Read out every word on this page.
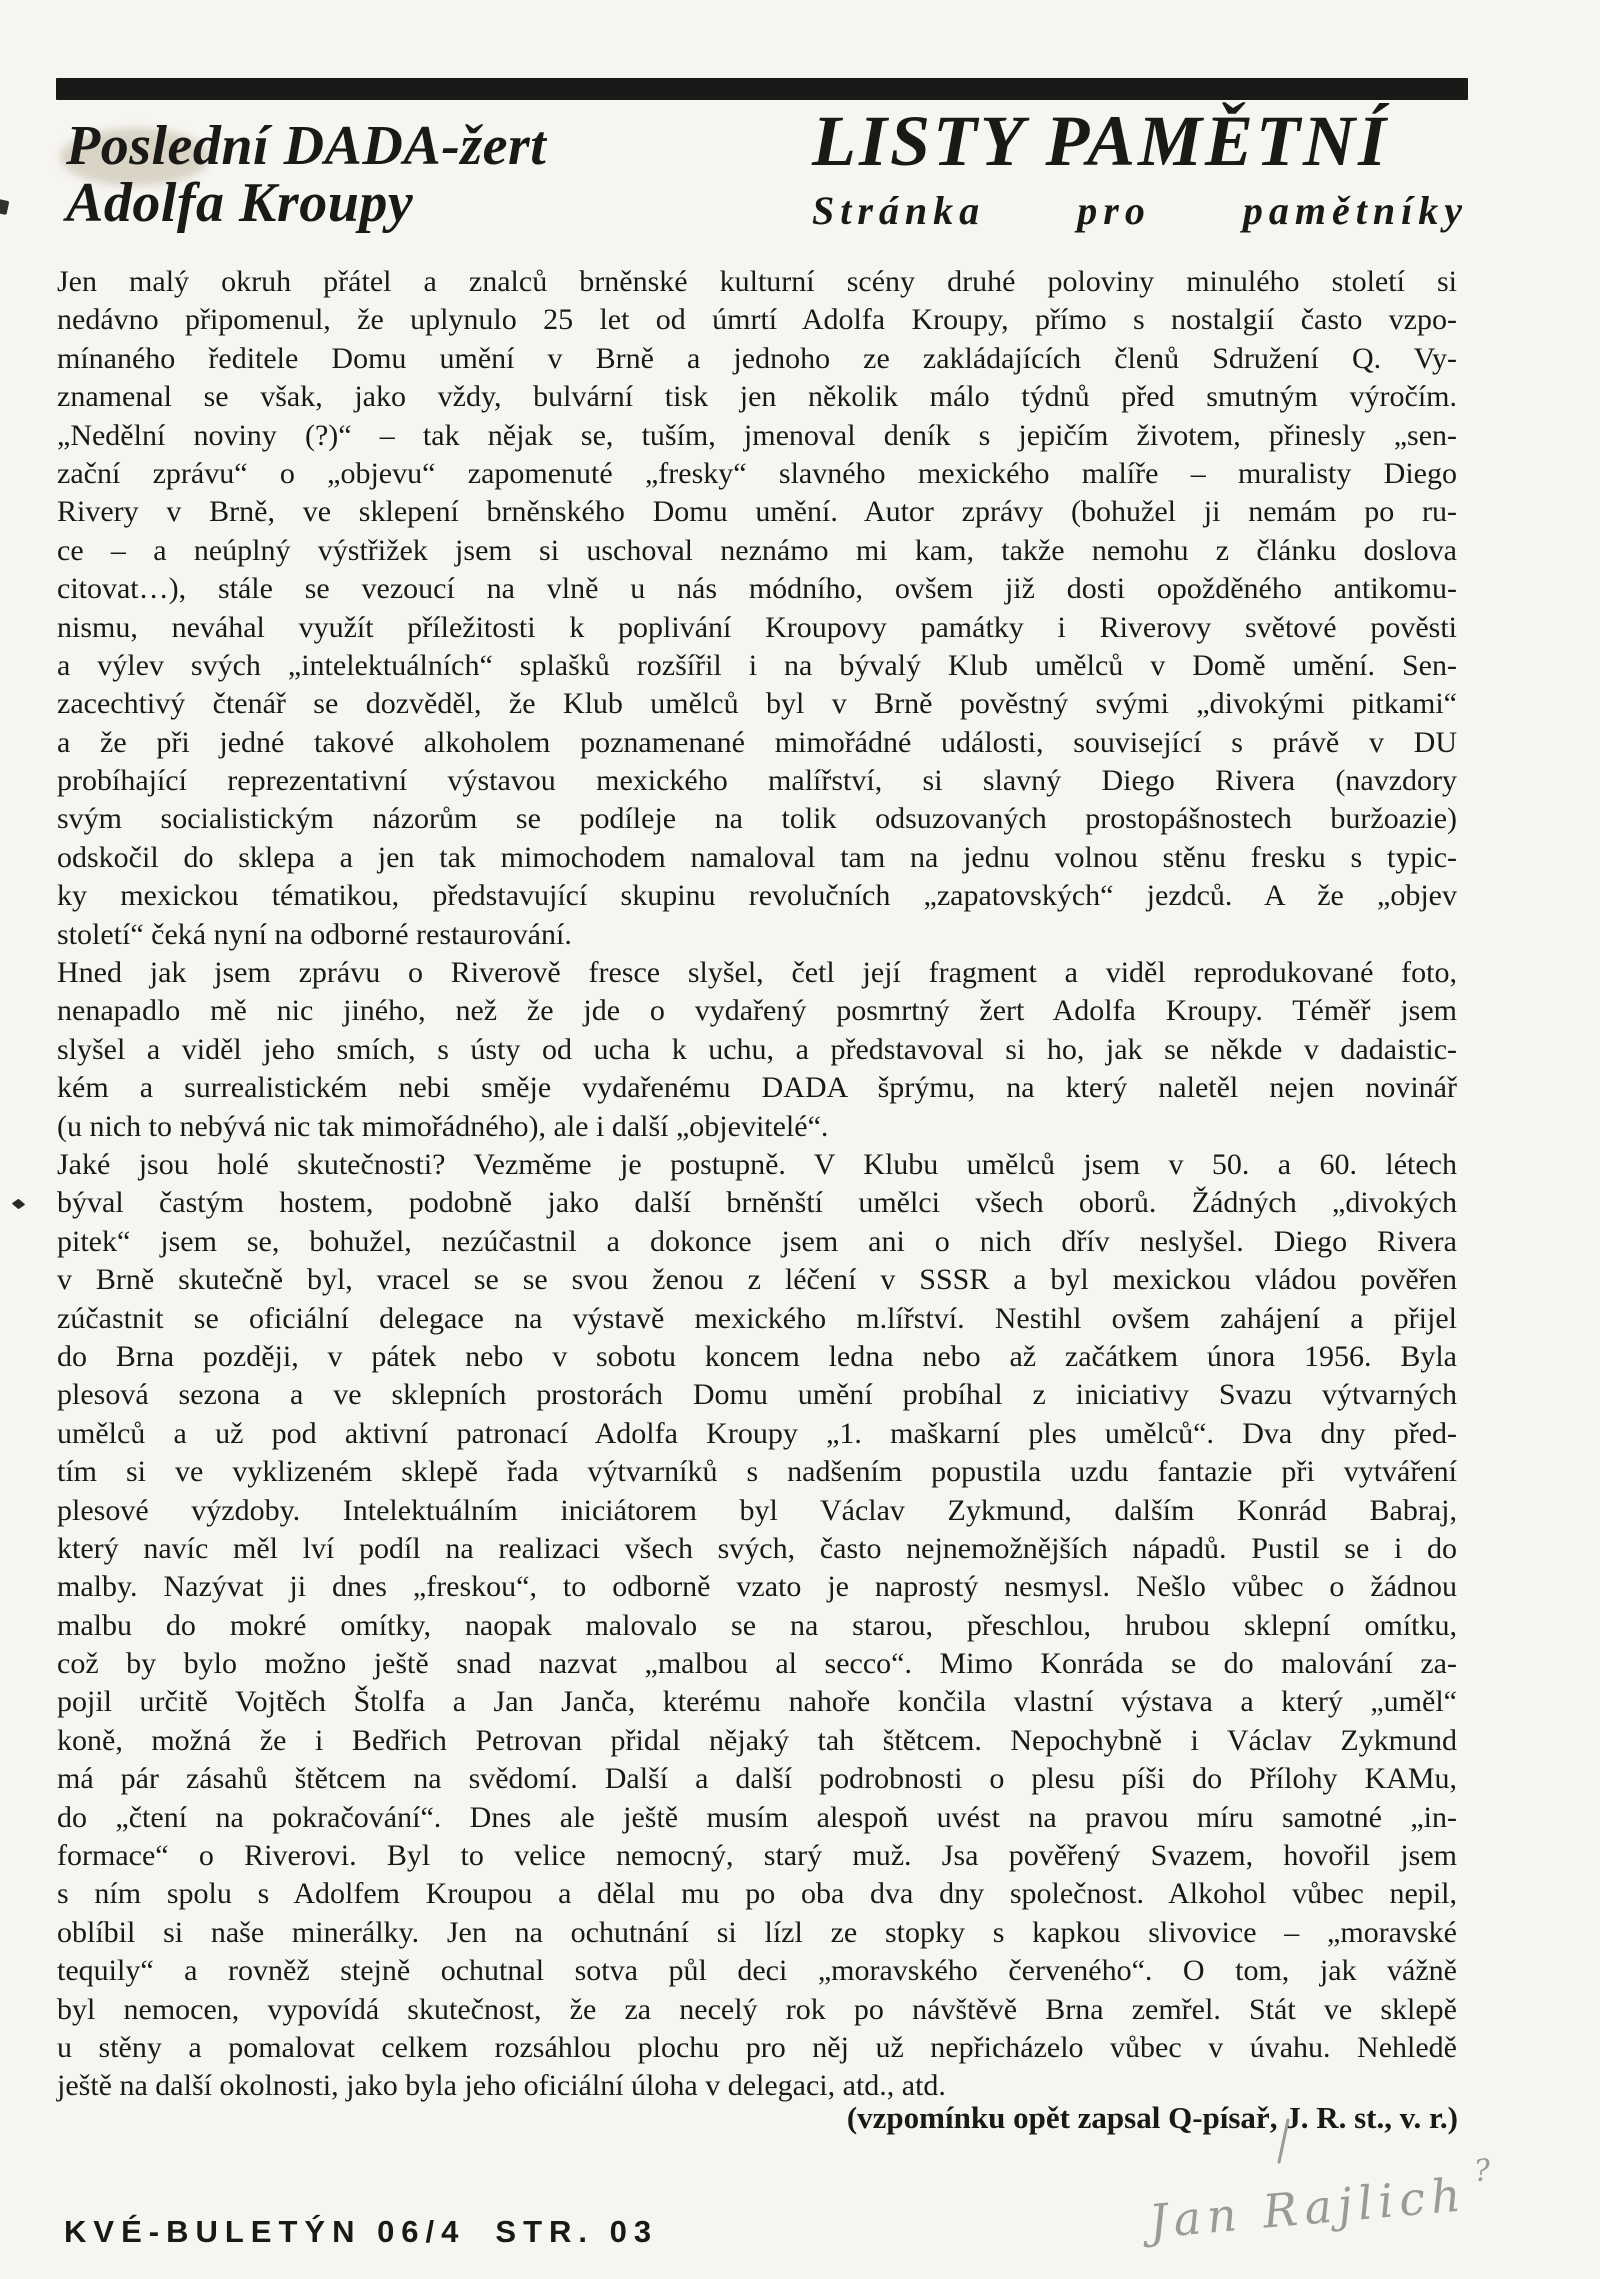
Poslední DADA-žert
Adolfa Kroupy
LISTY PAMĚTNÍ
Stránka pro pamětníky
Jen malý okruh přátel a znalců brněnské kulturní scény druhé poloviny minulého století si
nedávno připomenul, že uplynulo 25 let od úmrtí Adolfa Kroupy, přímo s nostalgií často vzpo-
mínaného ředitele Domu umění v Brně a jednoho ze zakládajících členů Sdružení Q. Vy-
znamenal se však, jako vždy, bulvární tisk jen několik málo týdnů před smutným výročím.
„Nedělní noviny (?)“ – tak nějak se, tuším, jmenoval deník s jepičím životem, přinesly „sen-
zační zprávu“ o „objevu“ zapomenuté „fresky“ slavného mexického malíře – muralisty Diego
Rivery v Brně, ve sklepení brněnského Domu umění. Autor zprávy (bohužel ji nemám po ru-
ce – a neúplný výstřižek jsem si uschoval neznámo mi kam, takže nemohu z článku doslova
citovat…), stále se vezoucí na vlně u nás módního, ovšem již dosti opožděného antikomu-
nismu, neváhal využít příležitosti k poplivání Kroupovy památky i Riverovy světové pověsti
a výlev svých „intelektuálních“ splašků rozšířil i na bývalý Klub umělců v Domě umění. Sen-
zacechtivý čtenář se dozvěděl, že Klub umělců byl v Brně pověstný svými „divokými pitkami“
a že při jedné takové alkoholem poznamenané mimořádné události, související s právě v DU
probíhající reprezentativní výstavou mexického malířství, si slavný Diego Rivera (navzdory
svým socialistickým názorům se podíleje na tolik odsuzovaných prostopášnostech buržoazie)
odskočil do sklepa a jen tak mimochodem namaloval tam na jednu volnou stěnu fresku s typic-
ky mexickou tématikou, představující skupinu revolučních „zapatovských“ jezdců. A že „objev
století“ čeká nyní na odborné restaurování.
Hned jak jsem zprávu o Riverově fresce slyšel, četl její fragment a viděl reprodukované foto,
nenapadlo mě nic jiného, než že jde o vydařený posmrtný žert Adolfa Kroupy. Téměř jsem
slyšel a viděl jeho smích, s ústy od ucha k uchu, a představoval si ho, jak se někde v dadaistic-
kém a surrealistickém nebi směje vydařenému DADA šprýmu, na který naletěl nejen novinář
(u nich to nebývá nic tak mimořádného), ale i další „objevitelé“.
Jaké jsou holé skutečnosti? Vezměme je postupně. V Klubu umělců jsem v 50. a 60. létech
býval častým hostem, podobně jako další brněnští umělci všech oborů. Žádných „divokých
pitek“ jsem se, bohužel, nezúčastnil a dokonce jsem ani o nich dřív neslyšel. Diego Rivera
v Brně skutečně byl, vracel se se svou ženou z léčení v SSSR a byl mexickou vládou pověřen
zúčastnit se oficiální delegace na výstavě mexického m.lířství. Nestihl ovšem zahájení a přijel
do Brna později, v pátek nebo v sobotu koncem ledna nebo až začátkem února 1956. Byla
plesová sezona a ve sklepních prostorách Domu umění probíhal z iniciativy Svazu výtvarných
umělců a už pod aktivní patronací Adolfa Kroupy „1. maškarní ples umělců“. Dva dny před-
tím si ve vyklizeném sklepě řada výtvarníků s nadšením popustila uzdu fantazie při vytváření
plesové výzdoby. Intelektuálním iniciátorem byl Václav Zykmund, dalším Konrád Babraj,
který navíc měl lví podíl na realizaci všech svých, často nejnemožnějších nápadů. Pustil se i do
malby. Nazývat ji dnes „freskou“, to odborně vzato je naprostý nesmysl. Nešlo vůbec o žádnou
malbu do mokré omítky, naopak malovalo se na starou, přeschlou, hrubou sklepní omítku,
což by bylo možno ještě snad nazvat „malbou al secco“. Mimo Konráda se do malování za-
pojil určitě Vojtěch Štolfa a Jan Janča, kterému nahoře končila vlastní výstava a který „uměl“
koně, možná že i Bedřich Petrovan přidal nějaký tah štětcem. Nepochybně i Václav Zykmund
má pár zásahů štětcem na svědomí. Další a další podrobnosti o plesu píši do Přílohy KAMu,
do „čtení na pokračování“. Dnes ale ještě musím alespoň uvést na pravou míru samotné „in-
formace“ o Riverovi. Byl to velice nemocný, starý muž. Jsa pověřený Svazem, hovořil jsem
s ním spolu s Adolfem Kroupou a dělal mu po oba dva dny společnost. Alkohol vůbec nepil,
oblíbil si naše minerálky. Jen na ochutnání si lízl ze stopky s kapkou slivovice – „moravské
tequily“ a rovněž stejně ochutnal sotva půl deci „moravského červeného“. O tom, jak vážně
byl nemocen, vypovídá skutečnost, že za necelý rok po návštěvě Brna zemřel. Stát ve sklepě
u stěny a pomalovat celkem rozsáhlou plochu pro něj už nepřicházelo vůbec v úvahu. Nehledě
ještě na další okolnosti, jako byla jeho oficiální úloha v delegaci, atd., atd.
(vzpomínku opět zapsal Q-písař, J. R. st., v. r.)
KVÉ-BULETÝN 06/4 STR. 03	Jan Rajlich ?
